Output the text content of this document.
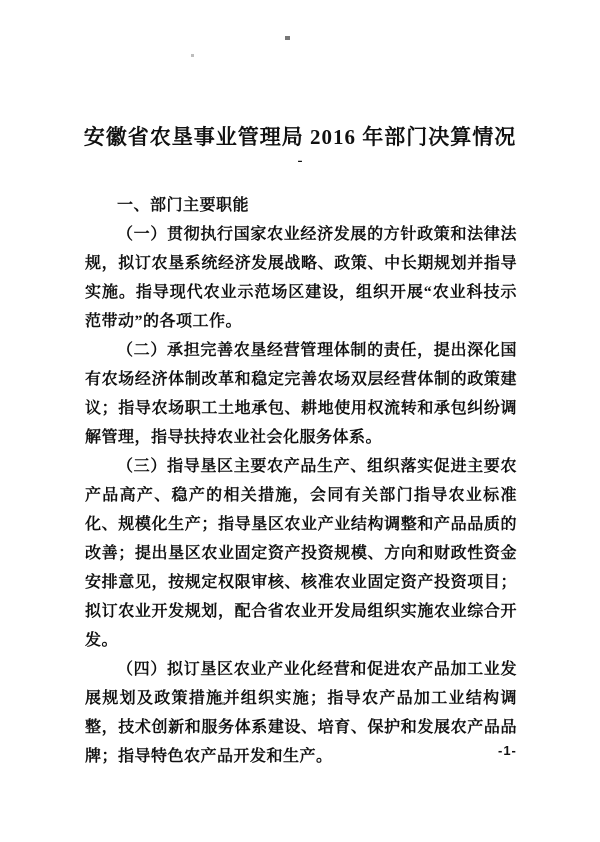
安徽省农垦事业管理局 2016 年部门决算情况
-

一、部门主要职能

（一）贯彻执行国家农业经济发展的方针政策和法律法规，拟订农垦系统经济发展战略、政策、中长期规划并指导实施。指导现代农业示范场区建设，组织开展“农业科技示范带动”的各项工作。

（二）承担完善农垦经营管理体制的责任，提出深化国有农场经济体制改革和稳定完善农场双层经营体制的政策建议；指导农场职工土地承包、耕地使用权流转和承包纠纷调解管理，指导扶持农业社会化服务体系。

（三）指导垦区主要农产品生产、组织落实促进主要农产品高产、稳产的相关措施，会同有关部门指导农业标准化、规模化生产；指导垦区农业产业结构调整和产品品质的改善；提出垦区农业固定资产投资规模、方向和财政性资金安排意见，按规定权限审核、核准农业固定资产投资项目；拟订农业开发规划，配合省农业开发局组织实施农业综合开发。

（四）拟订垦区农业产业化经营和促进农产品加工业发展规划及政策措施并组织实施；指导农产品加工业结构调整，技术创新和服务体系建设、培育、保护和发展农产品品牌；指导特色农产品开发和生产。	-1-
